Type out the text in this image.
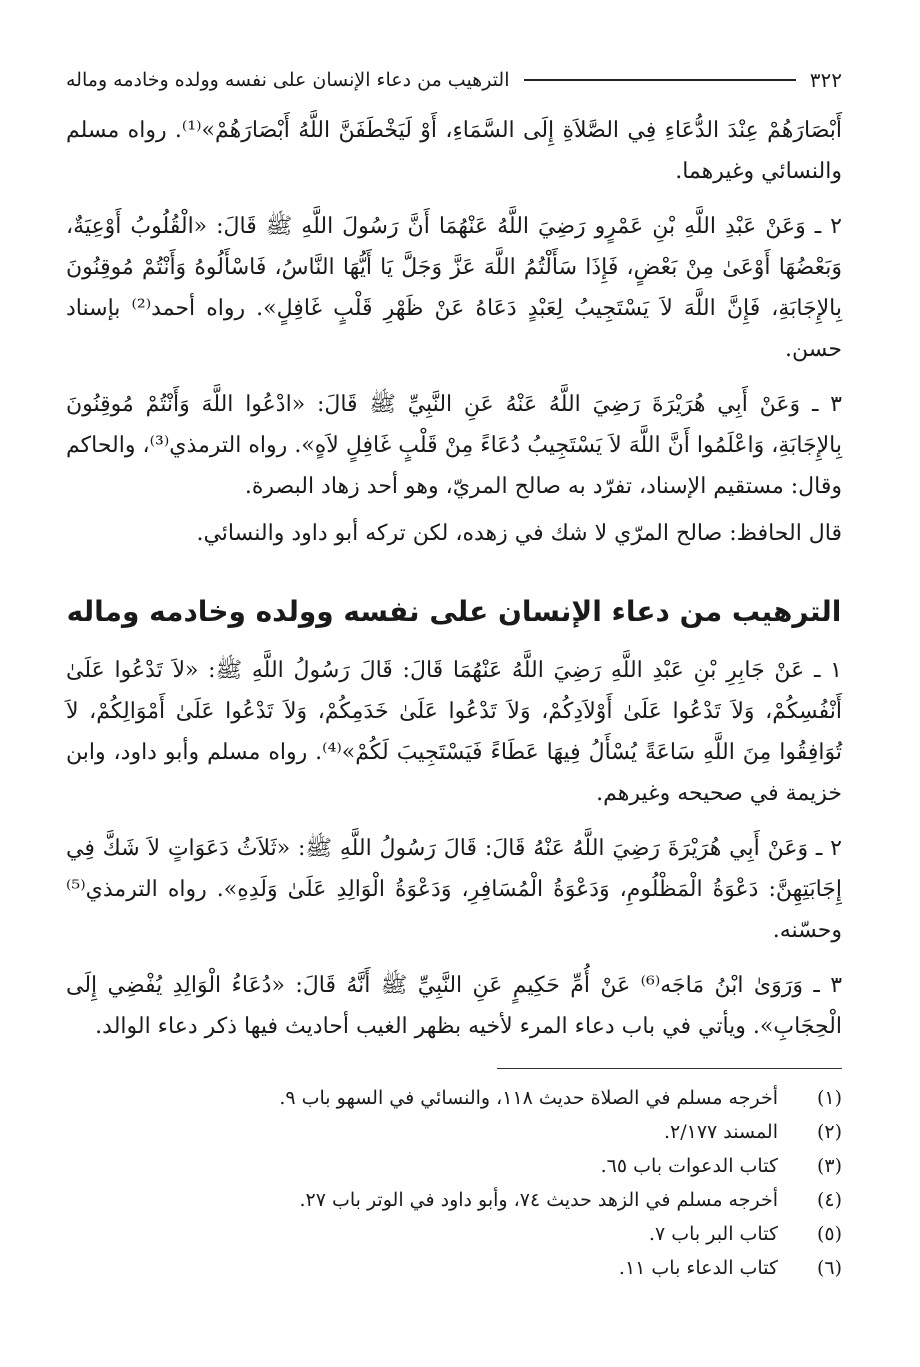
٣٢٢
الترهيب من دعاء الإنسان على نفسه وولده وخادمه وماله

أَبْصَارَهُمْ عِنْدَ الدُّعَاءِ فِي الصَّلاَةِ إِلَى السَّمَاءِ، أَوْ لَيَخْطَفَنَّ اللَّهُ أَبْصَارَهُمْ»⁽¹⁾. رواه مسلم والنسائي وغيرهما.

٢ ـ وَعَنْ عَبْدِ اللَّهِ بْنِ عَمْرٍو رَضِيَ اللَّهُ عَنْهُمَا أَنَّ رَسُولَ اللَّهِ ﷺ قَالَ: «الْقُلُوبُ أَوْعِيَةٌ، وَبَعْضُهَا أَوْعَىٰ مِنْ بَعْضٍ، فَإِذَا سَأَلْتُمُ اللَّهَ عَزَّ وَجَلَّ يَا أَيُّهَا النَّاسُ، فَاسْأَلُوهُ وَأَنْتُمْ مُوقِنُونَ بِالإِجَابَةِ، فَإِنَّ اللَّهَ لاَ يَسْتَجِيبُ لِعَبْدٍ دَعَاهُ عَنْ ظَهْرِ قَلْبٍ غَافِلٍ». رواه أحمد⁽²⁾ بإسناد حسن.

٣ ـ وَعَنْ أَبِي هُرَيْرَةَ رَضِيَ اللَّهُ عَنْهُ عَنِ النَّبِيِّ ﷺ قَالَ: «ادْعُوا اللَّهَ وَأَنْتُمْ مُوقِنُونَ بِالإِجَابَةِ، وَاعْلَمُوا أَنَّ اللَّهَ لاَ يَسْتَجِيبُ دُعَاءً مِنْ قَلْبٍ غَافِلٍ لاَهٍ». رواه الترمذي⁽³⁾، والحاكم وقال: مستقيم الإسناد، تفرّد به صالح المريّ، وهو أحد زهاد البصرة.

قال الحافظ: صالح المرّي لا شك في زهده، لكن تركه أبو داود والنسائي.

الترهيب من دعاء الإنسان على نفسه وولده وخادمه وماله

١ ـ عَنْ جَابِرِ بْنِ عَبْدِ اللَّهِ رَضِيَ اللَّهُ عَنْهُمَا قَالَ: قَالَ رَسُولُ اللَّهِ ﷺ: «لاَ تَدْعُوا عَلَىٰ أَنْفُسِكُمْ، وَلاَ تَدْعُوا عَلَىٰ أَوْلاَدِكُمْ، وَلاَ تَدْعُوا عَلَىٰ خَدَمِكُمْ، وَلاَ تَدْعُوا عَلَىٰ أَمْوَالِكُمْ، لاَ تُوَافِقُوا مِنَ اللَّهِ سَاعَةً يُسْأَلُ فِيهَا عَطَاءً فَيَسْتَجِيبَ لَكُمْ»⁽⁴⁾. رواه مسلم وأبو داود، وابن خزيمة في صحيحه وغيرهم.

٢ ـ وَعَنْ أَبِي هُرَيْرَةَ رَضِيَ اللَّهُ عَنْهُ قَالَ: قَالَ رَسُولُ اللَّهِ ﷺ: «ثَلاَثُ دَعَوَاتٍ لاَ شَكَّ فِي إِجَابَتِهِنَّ: دَعْوَةُ الْمَظْلُومِ، وَدَعْوَةُ الْمُسَافِرِ، وَدَعْوَةُ الْوَالِدِ عَلَىٰ وَلَدِهِ». رواه الترمذي⁽⁵⁾ وحسّنه.

٣ ـ وَرَوَىٰ ابْنُ مَاجَه⁽⁶⁾ عَنْ أُمِّ حَكِيمٍ عَنِ النَّبِيِّ ﷺ أَنَّهُ قَالَ: «دُعَاءُ الْوَالِدِ يُفْضِي إِلَى الْحِجَابِ». ويأتي في باب دعاء المرء لأخيه بظهر الغيب أحاديث فيها ذكر دعاء الوالد.

(١)
أخرجه مسلم في الصلاة حديث ١١٨، والنسائي في السهو باب ٩.
(٢)
المسند ٢/١٧٧.
(٣)
كتاب الدعوات باب ٦٥.
(٤)
أخرجه مسلم في الزهد حديث ٧٤، وأبو داود في الوتر باب ٢٧.
(٥)
كتاب البر باب ٧.
(٦)
كتاب الدعاء باب ١١.
